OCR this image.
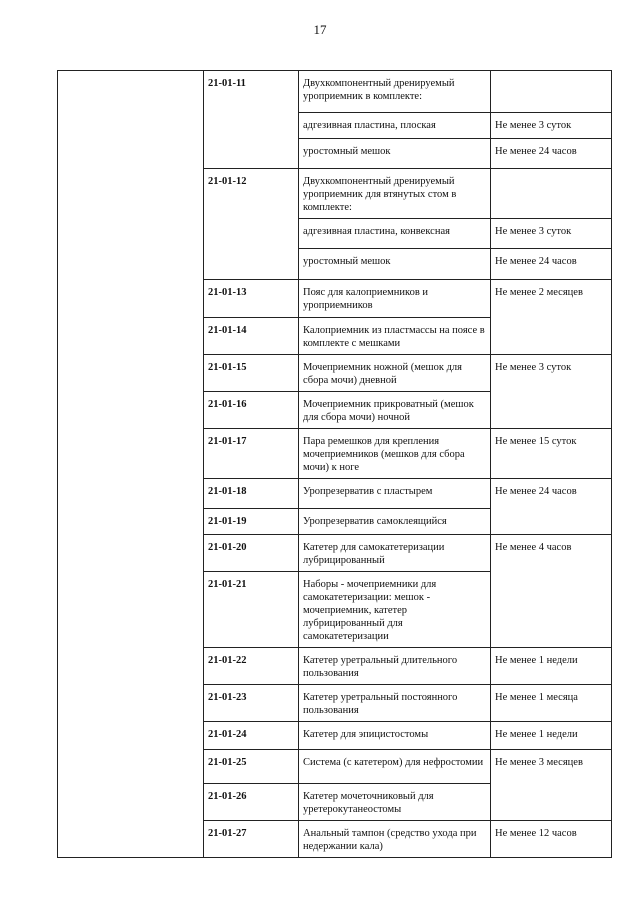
17
	21-01-11	Двухкомпонентный дренируемый уроприемник в комплекте:	
		адгезивная пластина, плоская	Не менее 3 суток
		уростомный мешок	Не менее 24 часов
	21-01-12	Двухкомпонентный дренируемый уроприемник для втянутых стом в комплекте:	
		адгезивная пластина, конвексная	Не менее 3 суток
		уростомный мешок	Не менее 24 часов
	21-01-13	Пояс для калоприемников и уроприемников	Не менее 2 месяцев
	21-01-14	Калоприемник из пластмассы на поясе в комплекте с мешками	
	21-01-15	Мочеприемник ножной (мешок для сбора мочи) дневной	Не менее 3 суток
	21-01-16	Мочеприемник прикроватный (мешок для сбора мочи) ночной	
	21-01-17	Пара ремешков для крепления мочеприемников (мешков для сбора мочи) к ноге	Не менее 15 суток
	21-01-18	Уропрезерватив с пластырем	Не менее 24 часов
	21-01-19	Уропрезерватив самоклеящийся	
	21-01-20	Катетер для самокатетеризации лубрицированный	Не менее 4 часов
	21-01-21	Наборы - мочеприемники для самокатетеризации: мешок - мочеприемник, катетер лубрицированный для самокатетеризации	
	21-01-22	Катетер уретральный длительного пользования	Не менее 1 недели
	21-01-23	Катетер уретральный постоянного пользования	Не менее 1 месяца
	21-01-24	Катетер для эпицистостомы	Не менее 1 недели
	21-01-25	Система (с катетером) для нефростомии	Не менее 3 месяцев
	21-01-26	Катетер мочеточниковый для уретерокутанеостомы	
	21-01-27	Анальный тампон (средство ухода при недержании кала)	Не менее 12 часов
